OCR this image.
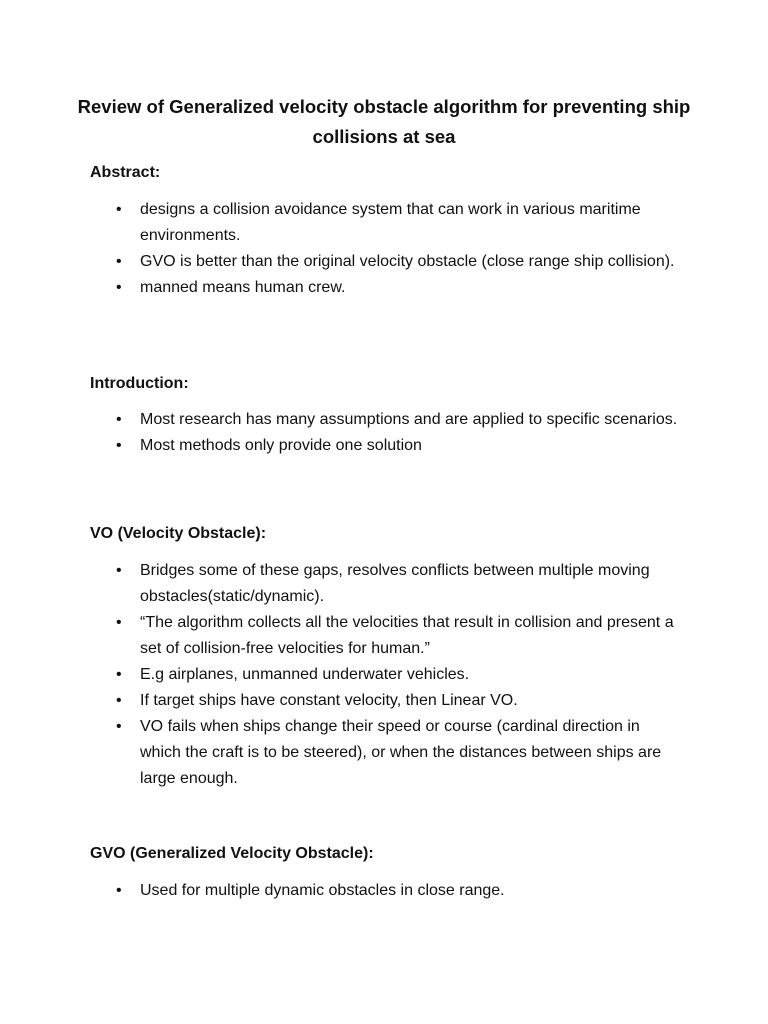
Review of Generalized velocity obstacle algorithm for preventing ship collisions at sea
Abstract:
• designs a collision avoidance system that can work in various maritime environments.
• GVO is better than the original velocity obstacle (close range ship collision).
• manned means human crew.
Introduction:
• Most research has many assumptions and are applied to specific scenarios.
• Most methods only provide one solution
VO (Velocity Obstacle):
• Bridges some of these gaps, resolves conflicts between multiple moving obstacles(static/dynamic).
• “The algorithm collects all the velocities that result in collision and present a set of collision-free velocities for human.”
• E.g airplanes, unmanned underwater vehicles.
• If target ships have constant velocity, then Linear VO.
• VO fails when ships change their speed or course (cardinal direction in which the craft is to be steered), or when the distances between ships are large enough.
GVO (Generalized Velocity Obstacle):
• Used for multiple dynamic obstacles in close range.
